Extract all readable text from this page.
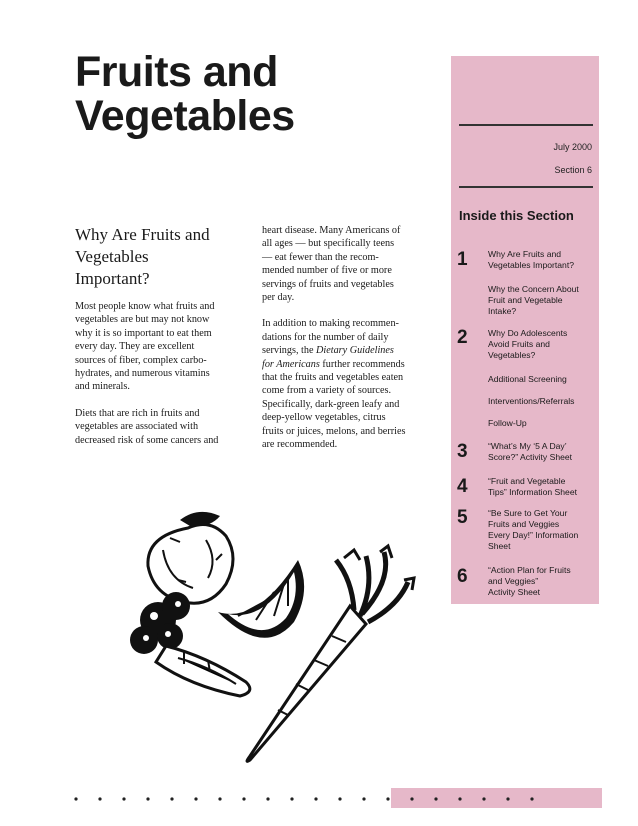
Fruits and
Vegetables
July 2000
Section 6
Inside this Section
1 Why Are Fruits and
Vegetables Important?
Why the Concern About
Fruit and Vegetable
Intake?
2 Why Do Adolescents
Avoid Fruits and
Vegetables?
Additional Screening
Interventions/Referrals
Follow-Up
3 “What’s My ‘5 A Day’
Score?” Activity Sheet
4 “Fruit and Vegetable
Tips” Information Sheet
5 “Be Sure to Get Your
Fruits and Veggies
Every Day!” Information
Sheet
6 “Action Plan for Fruits
and Veggies”
Activity Sheet
Why Are Fruits and
Vegetables
Important?

Most people know what fruits and
vegetables are but may not know
why it is so important to eat them
every day. They are excellent
sources of fiber, complex carbo-
hydrates, and numerous vitamins
and minerals.

Diets that are rich in fruits and
vegetables are associated with
decreased risk of some cancers and

heart disease. Many Americans of
all ages — but specifically teens
— eat fewer than the recom-
mended number of five or more
servings of fruits and vegetables
per day.

In addition to making recommen-
dations for the number of daily
servings, the Dietary Guidelines
for Americans further recommends
that the fruits and vegetables eaten
come from a variety of sources.
Specifically, dark-green leafy and
deep-yellow vegetables, citrus
fruits or juices, melons, and berries
are recommended.
